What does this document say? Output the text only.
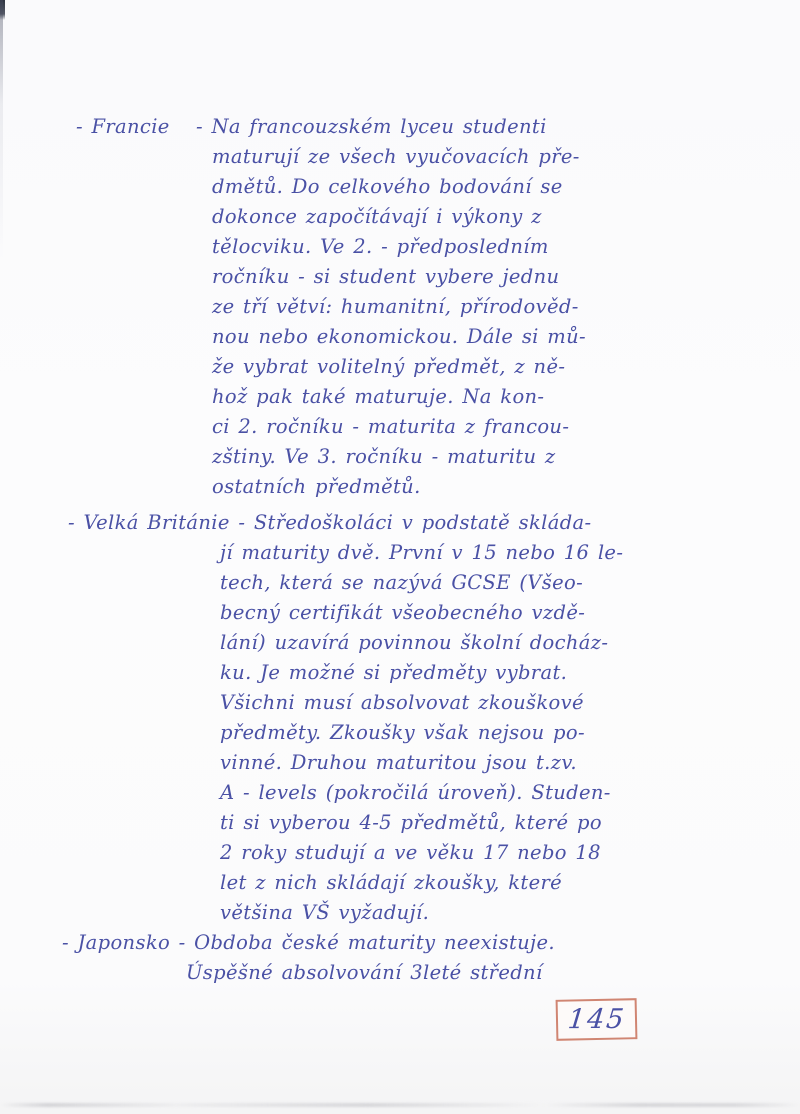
- Francie - Na francouzském lyceu studenti
maturují ze všech vyučovacích pře-
dmětů. Do celkového bodování se
dokonce započítávají i výkony z
tělocviku. Ve 2. - předposledním
ročníku - si student vybere jednu
ze tří větví: humanitní, přírodověd-
nou nebo ekonomickou. Dále si mů-
že vybrat volitelný předmět, z ně-
hož pak také maturuje. Na kon-
ci 2. ročníku - maturita z francou-
zštiny. Ve 3. ročníku - maturitu z
ostatních předmětů.
- Velká Británie - Středoškoláci v podstatě skláda-
jí maturity dvě. První v 15 nebo 16 le-
tech, která se nazývá GCSE (Všeo-
becný certifikát všeobecného vzdě-
lání) uzavírá povinnou školní docház-
ku. Je možné si předměty vybrat.
Všichni musí absolvovat zkouškové
předměty. Zkoušky však nejsou po-
vinné. Druhou maturitou jsou t.zv.
A - levels (pokročilá úroveň). Studen-
ti si vyberou 4-5 předmětů, které po
2 roky studují a ve věku 17 nebo 18
let z nich skládají zkoušky, které
většina VŠ vyžadují.
- Japonsko - Obdoba české maturity neexistuje.
Úspěšné absolvování 3leté střední
145
